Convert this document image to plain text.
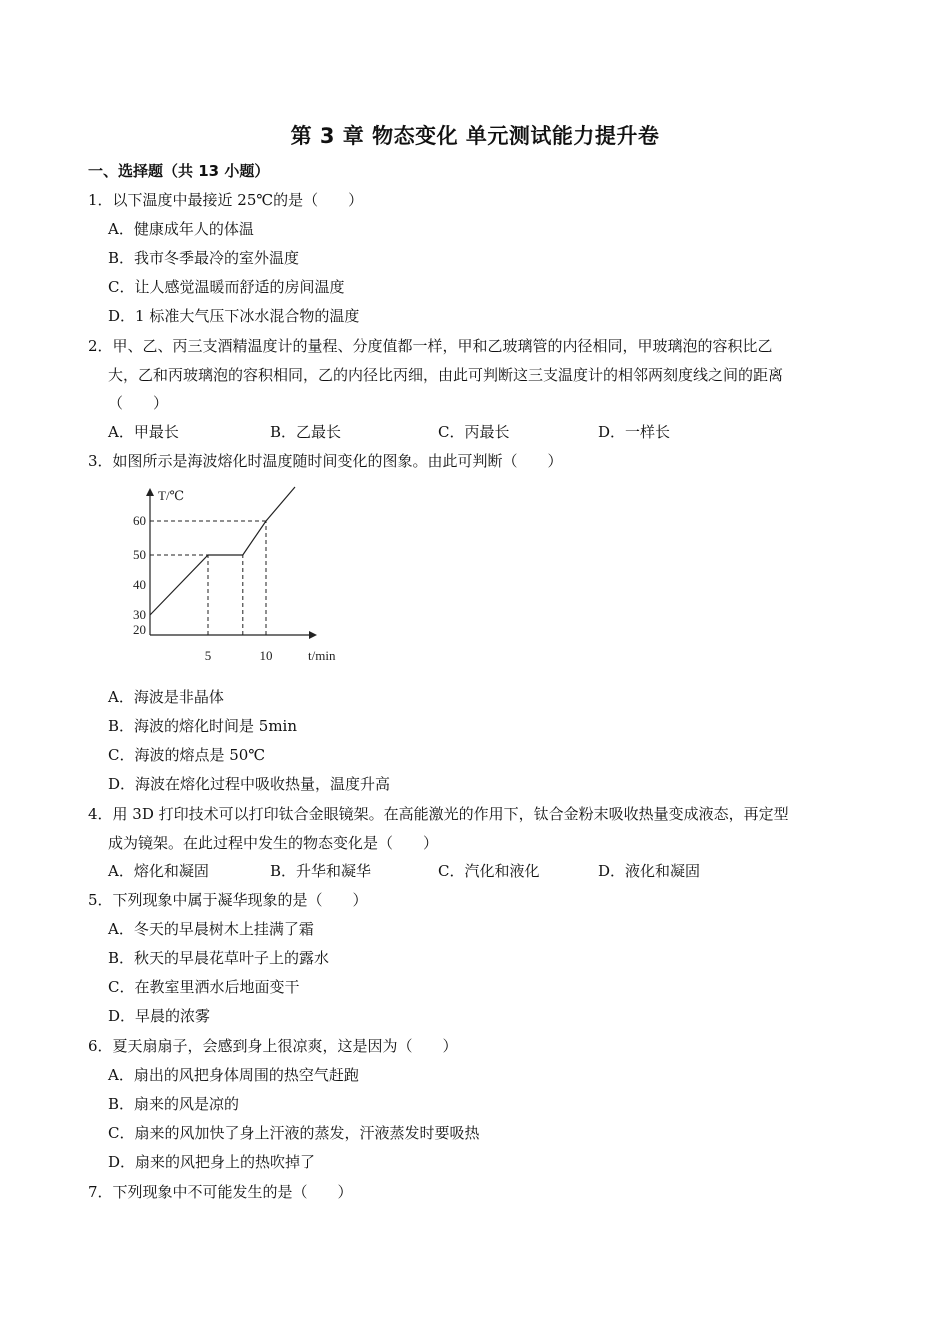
第 3 章 物态变化 单元测试能力提升卷
一、选择题（共 13 小题）
1．以下温度中最接近 25℃的是（　　）
A．健康成年人的体温
B．我市冬季最冷的室外温度
C．让人感觉温暖而舒适的房间温度
D．1 标准大气压下冰水混合物的温度
2．甲、乙、丙三支酒精温度计的量程、分度值都一样，甲和乙玻璃管的内径相同，甲玻璃泡的容积比乙
大，乙和丙玻璃泡的容积相同，乙的内径比丙细，由此可判断这三支温度计的相邻两刻度线之间的距离
（　　）
A．甲最长	B．乙最长	C．丙最长	D．一样长
3．如图所示是海波熔化时温度随时间变化的图象。由此可判断（　　）
20
30
40
50
60
5	10
T/℃
t/min
A．海波是非晶体
B．海波的熔化时间是 5min
C．海波的熔点是 50℃
D．海波在熔化过程中吸收热量，温度升高
4．用 3D 打印技术可以打印钛合金眼镜架。在高能激光的作用下，钛合金粉末吸收热量变成液态，再定型
成为镜架。在此过程中发生的物态变化是（　　）
A．熔化和凝固	B．升华和凝华	C．汽化和液化	D．液化和凝固
5．下列现象中属于凝华现象的是（　　）
A．冬天的早晨树木上挂满了霜
B．秋天的早晨花草叶子上的露水
C．在教室里洒水后地面变干
D．早晨的浓雾
6．夏天扇扇子，会感到身上很凉爽，这是因为（　　）
A．扇出的风把身体周围的热空气赶跑
B．扇来的风是凉的
C．扇来的风加快了身上汗液的蒸发，汗液蒸发时要吸热
D．扇来的风把身上的热吹掉了
7．下列现象中不可能发生的是（　　）
